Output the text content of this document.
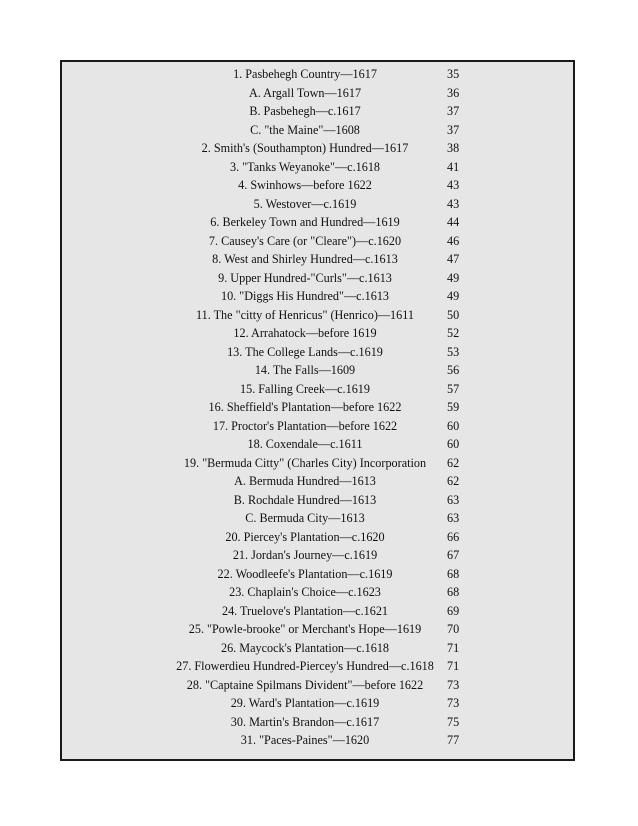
1. Pasbehegh Country—1617	35
A. Argall Town—1617	36
B. Pasbehegh—c.1617	37
C. "the Maine"—1608	37
2. Smith's (Southampton) Hundred—1617	38
3. "Tanks Weyanoke"—c.1618	41
4. Swinhows—before 1622	43
5. Westover—c.1619	43
6. Berkeley Town and Hundred—1619	44
7. Causey's Care (or "Cleare")—c.1620	46
8. West and Shirley Hundred—c.1613	47
9. Upper Hundred-"Curls"—c.1613	49
10. "Diggs His Hundred"—c.1613	49
11. The "citty of Henricus" (Henrico)—1611	50
12. Arrahatock—before 1619	52
13. The College Lands—c.1619	53
14. The Falls—1609	56
15. Falling Creek—c.1619	57
16. Sheffield's Plantation—before 1622	59
17. Proctor's Plantation—before 1622	60
18. Coxendale—c.1611	60
19. "Bermuda Citty" (Charles City) Incorporation	62
A. Bermuda Hundred—1613	62
B. Rochdale Hundred—1613	63
C. Bermuda City—1613	63
20. Piercey's Plantation—c.1620	66
21. Jordan's Journey—c.1619	67
22. Woodleefe's Plantation—c.1619	68
23. Chaplain's Choice—c.1623	68
24. Truelove's Plantation—c.1621	69
25. "Powle-brooke" or Merchant's Hope—1619	70
26. Maycock's Plantation—c.1618	71
27. Flowerdieu Hundred-Piercey's Hundred—c.1618	71
28. "Captaine Spilmans Divident"—before 1622	73
29. Ward's Plantation—c.1619	73
30. Martin's Brandon—c.1617	75
31. "Paces-Paines"—1620	77
